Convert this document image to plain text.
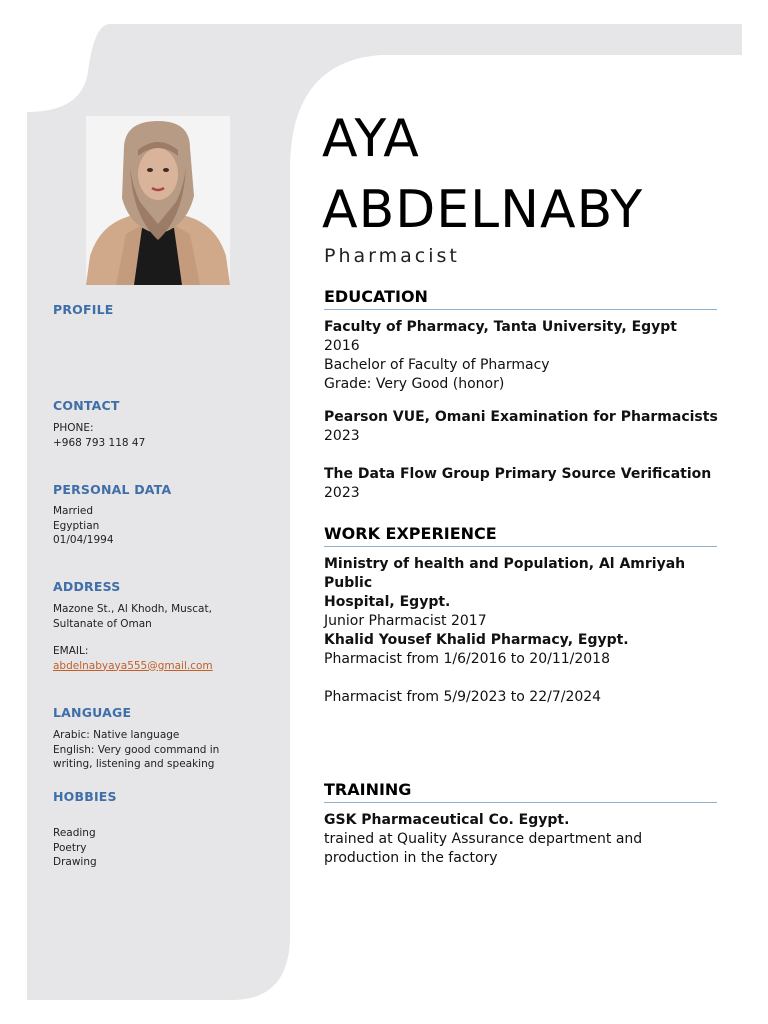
PROFILE
CONTACT
PHONE:
+968 793 118 47
PERSONAL DATA
Married
Egyptian
01/04/1994
ADDRESS
Mazone St., Al Khodh, Muscat,
Sultanate of Oman
EMAIL:
abdelnabyaya555@gmail.com
LANGUAGE
Arabic: Native language
English: Very good command in
writing, listening and speaking
HOBBIES
Reading
Poetry
Drawing
AYA
ABDELNABY
Pharmacist
EDUCATION
Faculty of Pharmacy, Tanta University, Egypt
2016
Bachelor of Faculty of Pharmacy
Grade: Very Good (honor)
Pearson VUE, Omani Examination for Pharmacists
2023
The Data Flow Group Primary Source Verification
2023
WORK EXPERIENCE
Ministry of health and Population, Al Amriyah Public
Hospital, Egypt.
Junior Pharmacist 2017
Khalid Yousef Khalid Pharmacy, Egypt.
Pharmacist from 1/6/2016 to 20/11/2018
Pharmacist from 5/9/2023 to 22/7/2024
TRAINING
GSK Pharmaceutical Co. Egypt.
trained at Quality Assurance department and
production in the factory
